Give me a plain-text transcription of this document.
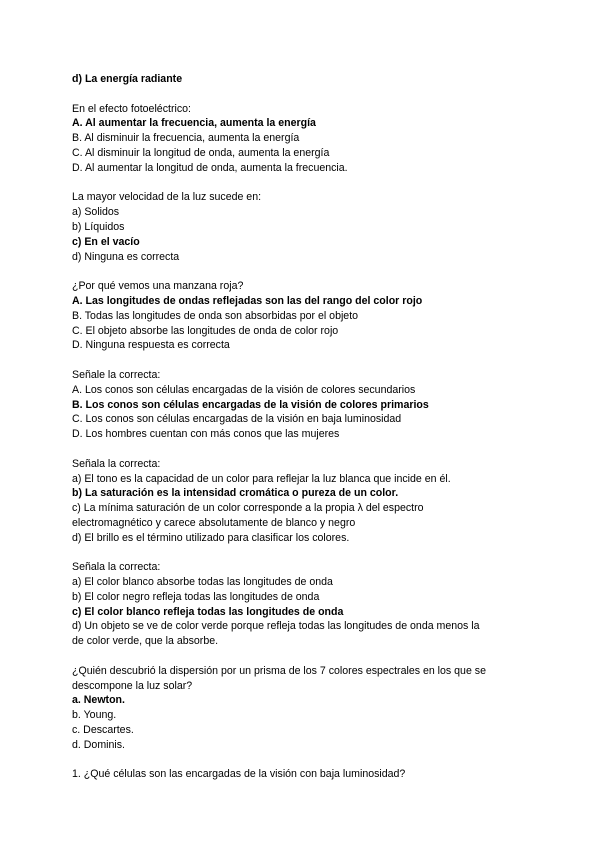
d) La energía radiante
En el efecto fotoeléctrico:
A. Al aumentar la frecuencia, aumenta la energía
B. Al disminuir la frecuencia, aumenta la energía
C. Al disminuir la longitud de onda, aumenta la energía
D. Al aumentar la longitud de onda, aumenta la frecuencia.
La mayor velocidad de la luz sucede en:
a) Solidos
b) Líquidos
c) En el vacío
d) Ninguna es correcta
¿Por qué vemos una manzana roja?
A. Las longitudes de ondas reflejadas son las del rango del color rojo
B. Todas las longitudes de onda son absorbidas por el objeto
C. El objeto absorbe las longitudes de onda de color rojo
D. Ninguna respuesta es correcta
Señale la correcta:
A. Los conos son células encargadas de la visión de colores secundarios
B. Los conos son células encargadas de la visión de colores primarios
C. Los conos son células encargadas de la visión en baja luminosidad
D. Los hombres cuentan con más conos que las mujeres
Señala la correcta:
a) El tono es la capacidad de un color para reflejar la luz blanca que incide en él.
b) La saturación es la intensidad cromática o pureza de un color.
c) La mínima saturación de un color corresponde a la propia λ del espectro electromagnético y carece absolutamente de blanco y negro
d) El brillo es el término utilizado para clasificar los colores.
Señala la correcta:
a) El color blanco absorbe todas las longitudes de onda
b) El color negro refleja todas las longitudes de onda
c) El color blanco refleja todas las longitudes de onda
d) Un objeto se ve de color verde porque refleja todas las longitudes de onda menos la de color verde, que la absorbe.
¿Quién descubrió la dispersión por un prisma de los 7 colores espectrales en los que se descompone la luz solar?
a. Newton.
b. Young.
c. Descartes.
d. Dominis.
1. ¿Qué células son las encargadas de la visión con baja luminosidad?
